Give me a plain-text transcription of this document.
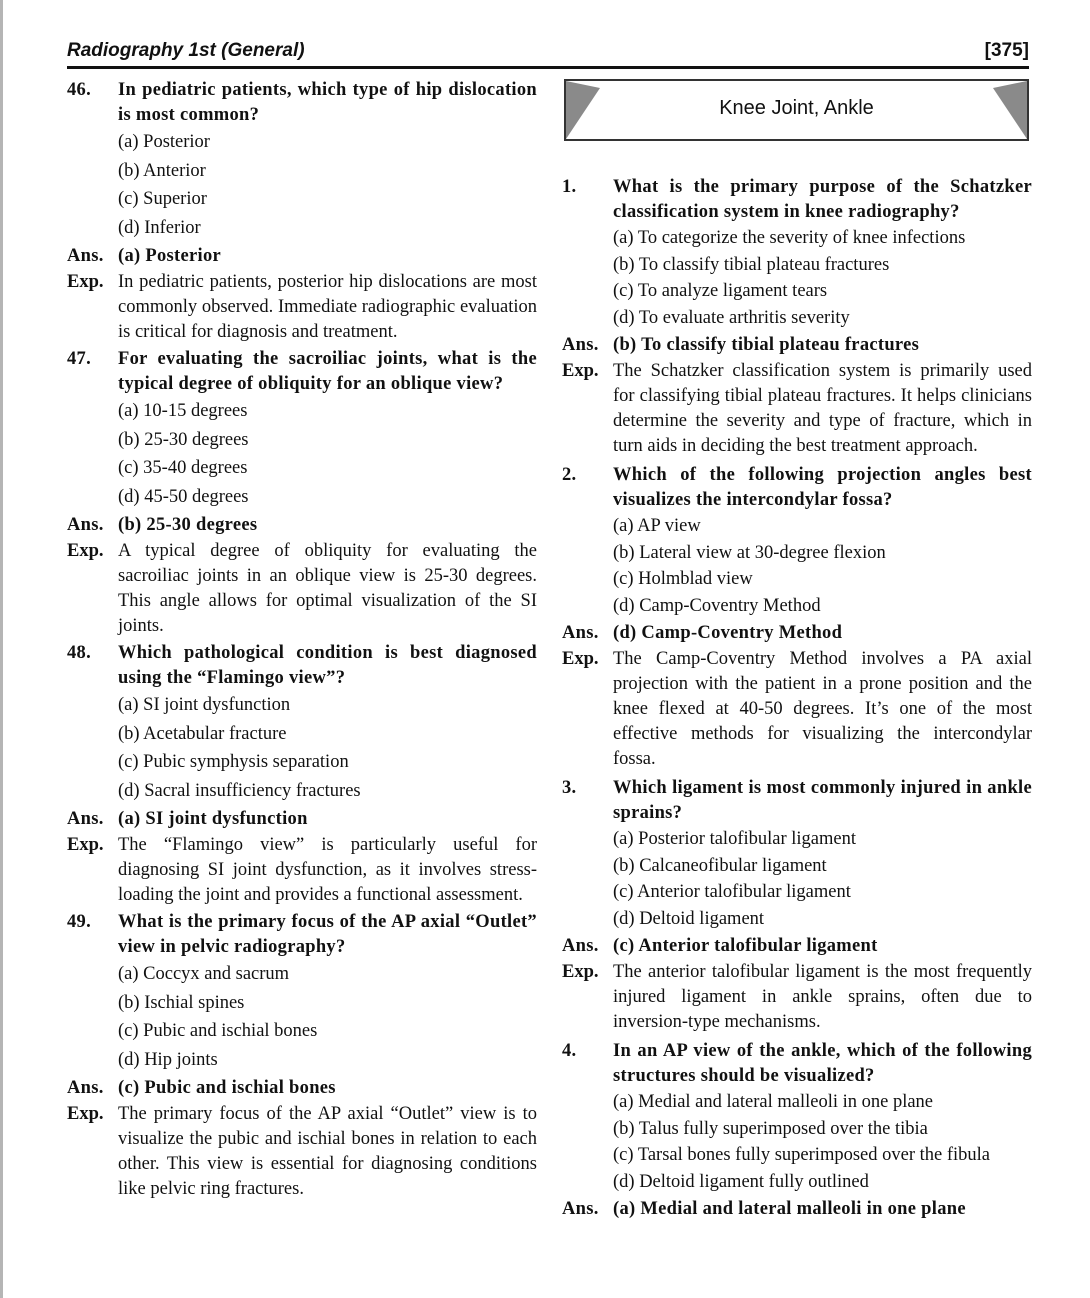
Radiography 1st (General)	[375]
46. In pediatric patients, which type of hip dislocation is most common?
(a) Posterior
(b) Anterior
(c) Superior
(d) Inferior
Ans. (a) Posterior
Exp. In pediatric patients, posterior hip dislocations are most commonly observed. Immediate radiographic evaluation is critical for diagnosis and treatment.
47. For evaluating the sacroiliac joints, what is the typical degree of obliquity for an oblique view?
(a) 10-15 degrees
(b) 25-30 degrees
(c) 35-40 degrees
(d) 45-50 degrees
Ans. (b) 25-30 degrees
Exp. A typical degree of obliquity for evaluating the sacroiliac joints in an oblique view is 25-30 degrees. This angle allows for optimal visualization of the SI joints.
48. Which pathological condition is best diagnosed using the “Flamingo view”?
(a) SI joint dysfunction
(b) Acetabular fracture
(c) Pubic symphysis separation
(d) Sacral insufficiency fractures
Ans. (a) SI joint dysfunction
Exp. The “Flamingo view” is particularly useful for diagnosing SI joint dysfunction, as it involves stress-loading the joint and provides a functional assessment.
49. What is the primary focus of the AP axial “Outlet” view in pelvic radiography?
(a) Coccyx and sacrum
(b) Ischial spines
(c) Pubic and ischial bones
(d) Hip joints
Ans. (c) Pubic and ischial bones
Exp. The primary focus of the AP axial “Outlet” view is to visualize the pubic and ischial bones in relation to each other. This view is essential for diagnosing conditions like pelvic ring fractures.
Knee Joint, Ankle
1. What is the primary purpose of the Schatzker classification system in knee radiography?
(a) To categorize the severity of knee infections
(b) To classify tibial plateau fractures
(c) To analyze ligament tears
(d) To evaluate arthritis severity
Ans. (b) To classify tibial plateau fractures
Exp. The Schatzker classification system is primarily used for classifying tibial plateau fractures. It helps clinicians determine the severity and type of fracture, which in turn aids in deciding the best treatment approach.
2. Which of the following projection angles best visualizes the intercondylar fossa?
(a) AP view
(b) Lateral view at 30-degree flexion
(c) Holmblad view
(d) Camp-Coventry Method
Ans. (d) Camp-Coventry Method
Exp. The Camp-Coventry Method involves a PA axial projection with the patient in a prone position and the knee flexed at 40-50 degrees. It’s one of the most effective methods for visualizing the intercondylar fossa.
3. Which ligament is most commonly injured in ankle sprains?
(a) Posterior talofibular ligament
(b) Calcaneofibular ligament
(c) Anterior talofibular ligament
(d) Deltoid ligament
Ans. (c) Anterior talofibular ligament
Exp. The anterior talofibular ligament is the most frequently injured ligament in ankle sprains, often due to inversion-type mechanisms.
4. In an AP view of the ankle, which of the following structures should be visualized?
(a) Medial and lateral malleoli in one plane
(b) Talus fully superimposed over the tibia
(c) Tarsal bones fully superimposed over the fibula
(d) Deltoid ligament fully outlined
Ans. (a) Medial and lateral malleoli in one plane
